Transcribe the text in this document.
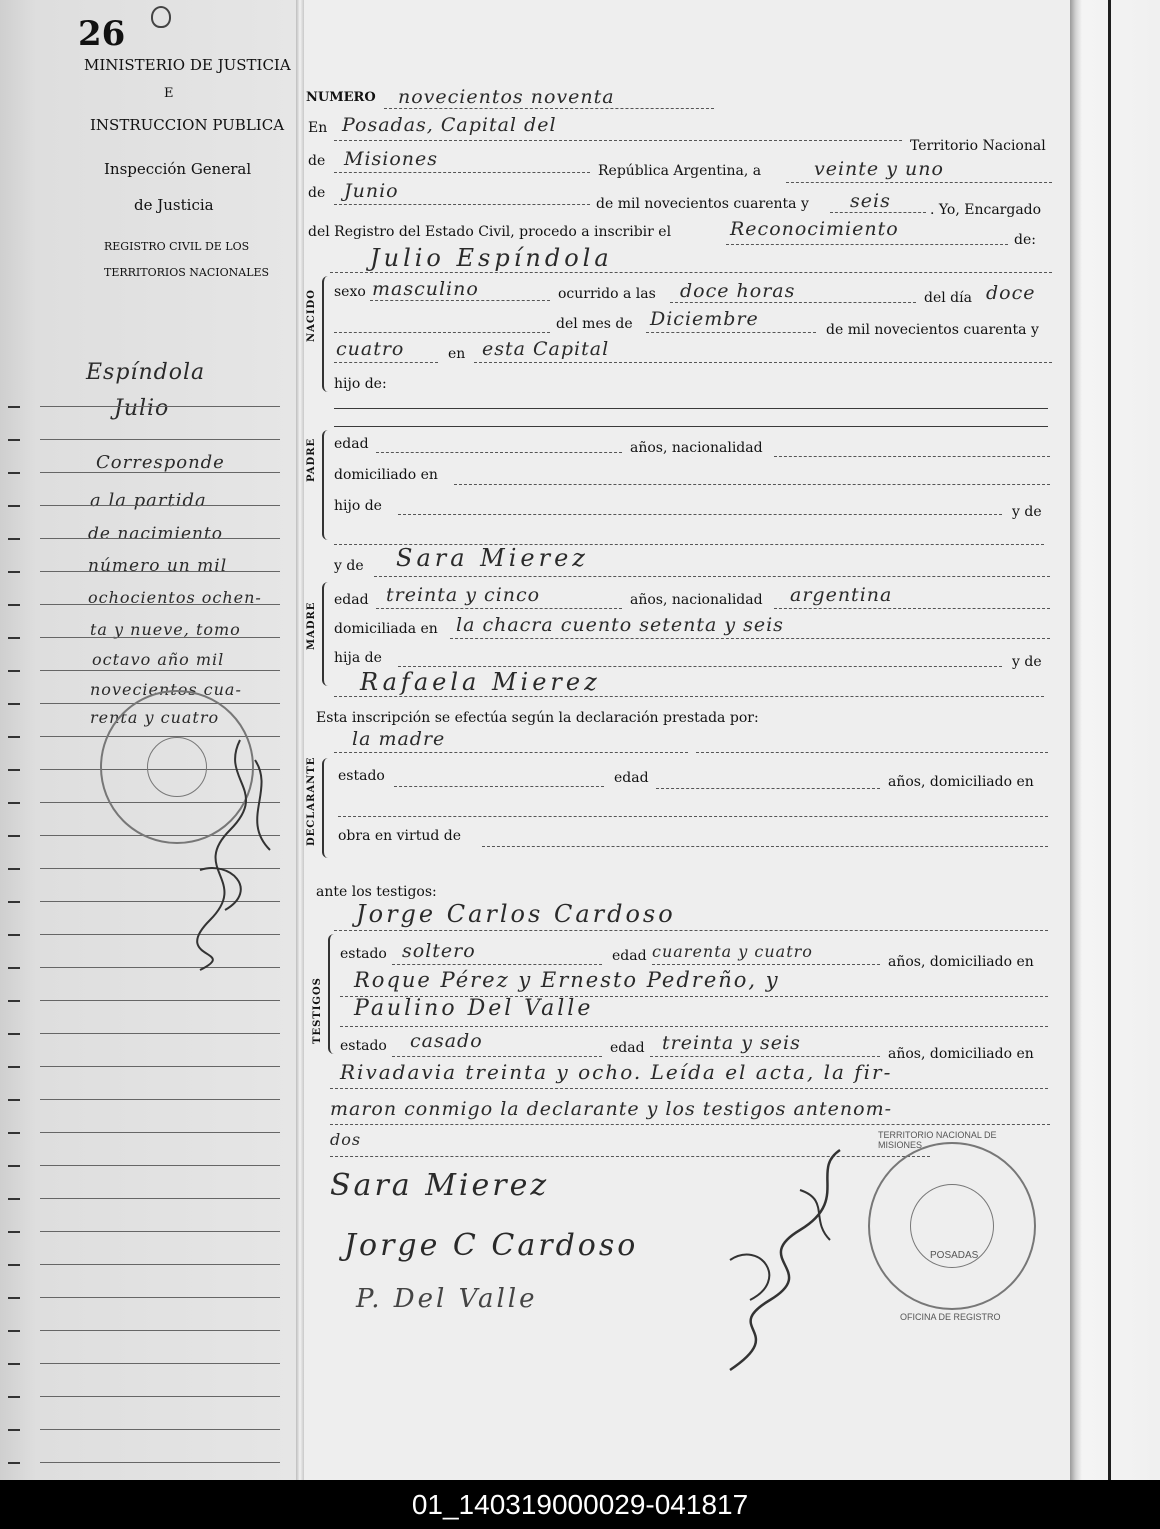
26
MINISTERIO DE JUSTICIA
E
INSTRUCCION PUBLICA
Inspección General
de Justicia
REGISTRO CIVIL DE LOS
TERRITORIOS NACIONALES
Espíndola
Julio
Corresponde
a la partida
de nacimiento
número un mil
ochocientos ochen-
ta y nueve, tomo
octavo año mil
novecientos cua-
renta y cuatro
NUMERO novecientos noventa
En Posadas, Capital del
Territorio Nacional
de Misiones
República Argentina, a	veinte y uno
de Junio
de mil novecientos cuarenta y seis	. Yo, Encargado
del Registro del Estado Civil, procedo a inscribir el	Reconocimiento	de:
Julio Espíndola
NACIDO sexo masculino	ocurrido a las doce horas	del día doce
del mes de Diciembre	de mil novecientos cuarenta y
cuatro	en esta Capital
hijo de:
PADRE edad	años, nacionalidad
domiciliado en
hijo de	y de
y de Sara Mierez
MADRE
edad treinta y cinco	años, nacionalidad argentina
domiciliada en la chacra cuento setenta y seis
hija de	y de
Rafaela Mierez
Esta inscripción se efectúa según la declaración prestada por:
la madre
DECLARANTE estado	edad	años, domiciliado en
obra en virtud de
ante los testigos:
Jorge Carlos Cardoso
TESTIGOS
estado soltero	edad cuarenta y cuatro
años, domiciliado en
Roque Pérez y Ernesto Pedreño, y
Paulino Del Valle
estado casado	edad treinta y seis	años, domiciliado en
Rivadavia treinta y ocho. Leída el acta, la fir-
maron conmigo la declarante y los testigos antenom-
dos
Sara Mierez
Jorge C Cardoso
P. Del Valle
TERRITORIO NACIONAL DE MISIONES
POSADAS
OFICINA DE REGISTRO
01_140319000029-041817
